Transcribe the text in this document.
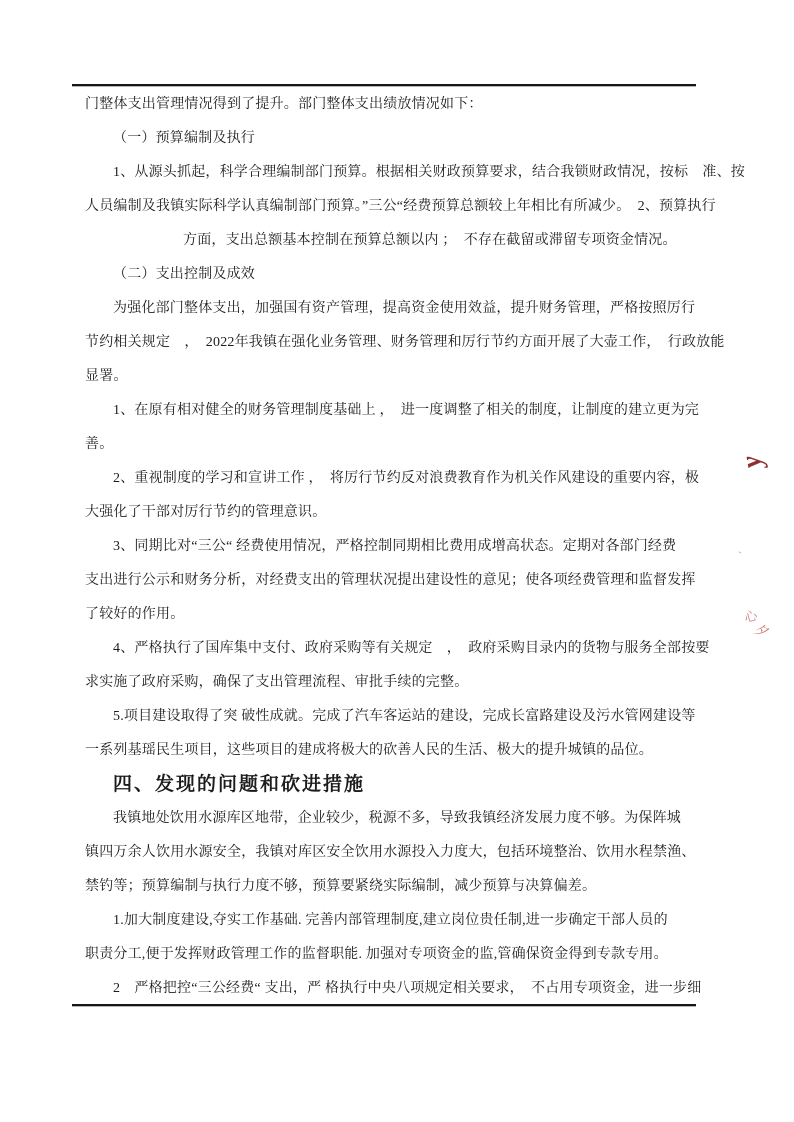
门整体支出管理情况得到了提升。部门整体支出绩放情况如下：
（一）预算编制及执行
1、从源头抓起，科学合理编制部门预算。根据相关财政预算要求，结合我锁财政情况，按标　准、按
人员编制及我镇实际科学认真编制部门预算。”三公“经费预算总额较上年相比有所减少。　2、预算执行
方面，支出总额基本控制在预算总额以内 ；　不存在截留或滞留专项资金情况。
（二）支出控制及成效
为强化部门整体支出，加强国有资产管理，提高资金使用效益，提升财务管理，严格按照厉行
节约相关规定　，　2022年我镇在强化业务管理、财务管理和厉行节约方面开展了大壶工作，　行政放能
显署。
1、在原有相对健全的财务管理制度基础上 ，　进一度调整了相关的制度，让制度的建立更为完
善。
2、重视制度的学习和宣讲工作 ，　将厉行节约反对浪费教育作为机关作风建设的重要内容，极
大强化了干部对厉行节约的管理意识。
3、同期比对“三公“ 经费使用情况，严格控制同期相比费用成增高状态。定期对各部门经费
支出进行公示和财务分析，对经费支出的管理状况提出建设性的意见；使各项经费管理和监督发挥
了较好的作用。
4、严格执行了国库集中支付、政府采购等有关规定　，　政府采购目录内的货物与服务全部按要
求实施了政府采购，确保了支出管理流程、审批手续的完整。
5.项目建设取得了突 破性成就。完成了汽车客运站的建设，完成长富路建设及污水管网建设等
一系列基瑶民生项目，这些项目的建成将极大的砍善人民的生活、极大的提升城镇的品位。
四、发现的问题和砍进措施
我镇地处饮用水源库区地带，企业较少，税源不多，导致我镇经济发展力度不够。为保阵城
镇四万余人饮用水源安全，我镇对库区安全饮用水源投入力度大，包括环境整治、饮用水程禁渔、
禁钓等；预算编制与执行力度不够，预算要紧绕实际编制，减少预算与决算偏差。
1.加大制度建设,夺实工作基础. 完善内部管理制度,建立岗位贵任制,进一步确定干部人员的
职责分工,便于发挥财政管理工作的监督职能. 加强对专项资金的监,管确保资金得到专款专用。
2　严格把控“三公经费“ 支出，严 格执行中央八项规定相关要求，　不占用专项资金，进一步细
y
、
心
夕
